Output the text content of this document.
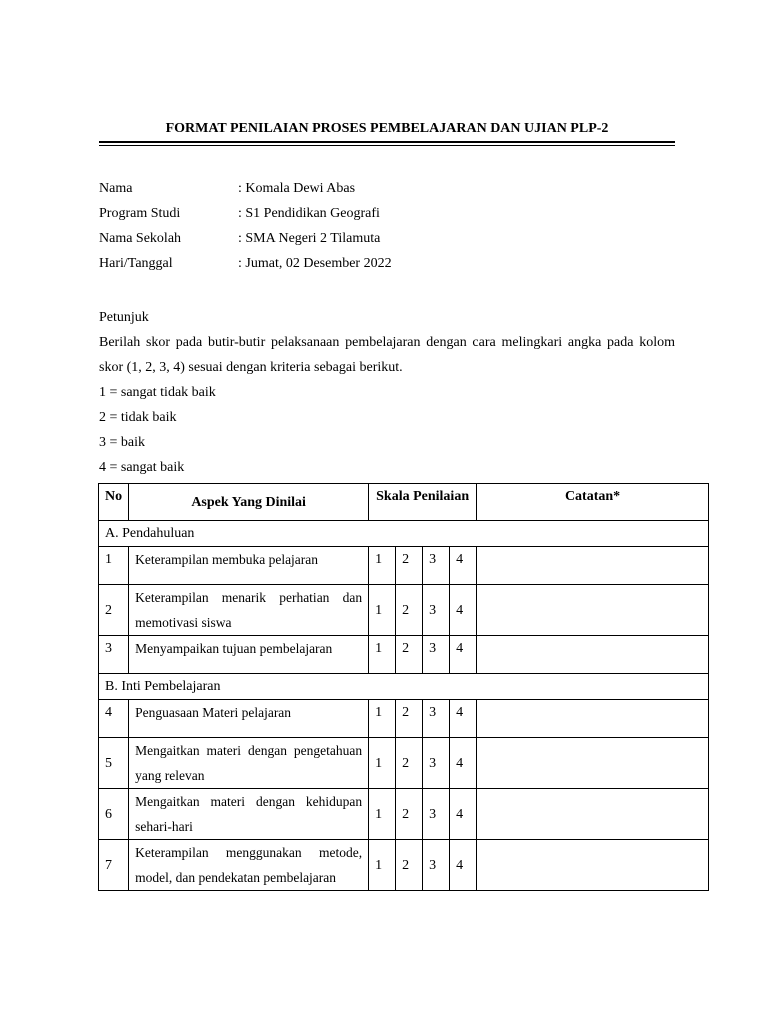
FORMAT PENILAIAN PROSES PEMBELAJARAN DAN UJIAN PLP-2
Nama	: Komala Dewi Abas
Program Studi	: S1 Pendidikan Geografi
Nama Sekolah	: SMA Negeri 2 Tilamuta
Hari/Tanggal	: Jumat, 02 Desember 2022

Petunjuk

Berilah skor pada butir-butir pelaksanaan pembelajaran dengan cara melingkari angka pada kolom skor (1, 2, 3, 4) sesuai dengan kriteria sebagai berikut.

1 = sangat tidak baik

2 = tidak baik

3 = baik

4 = sangat baik

No	Aspek Yang Dinilai	Skala Penilaian				Catatan*
A. Pendahuluan						
1	Keterampilan membuka pelajaran	1	2	3	4	
2	Keterampilan menarik perhatian dan memotivasi siswa	1	2	3	4	
3	Menyampaikan tujuan pembelajaran	1	2	3	4	
B. Inti Pembelajaran						
4	Penguasaan Materi pelajaran	1	2	3	4	
5	Mengaitkan materi dengan pengetahuan yang relevan	1	2	3	4	
6	Mengaitkan materi dengan kehidupan sehari-hari	1	2	3	4	
7	Keterampilan menggunakan metode, model, dan pendekatan pembelajaran	1	2	3	4	
